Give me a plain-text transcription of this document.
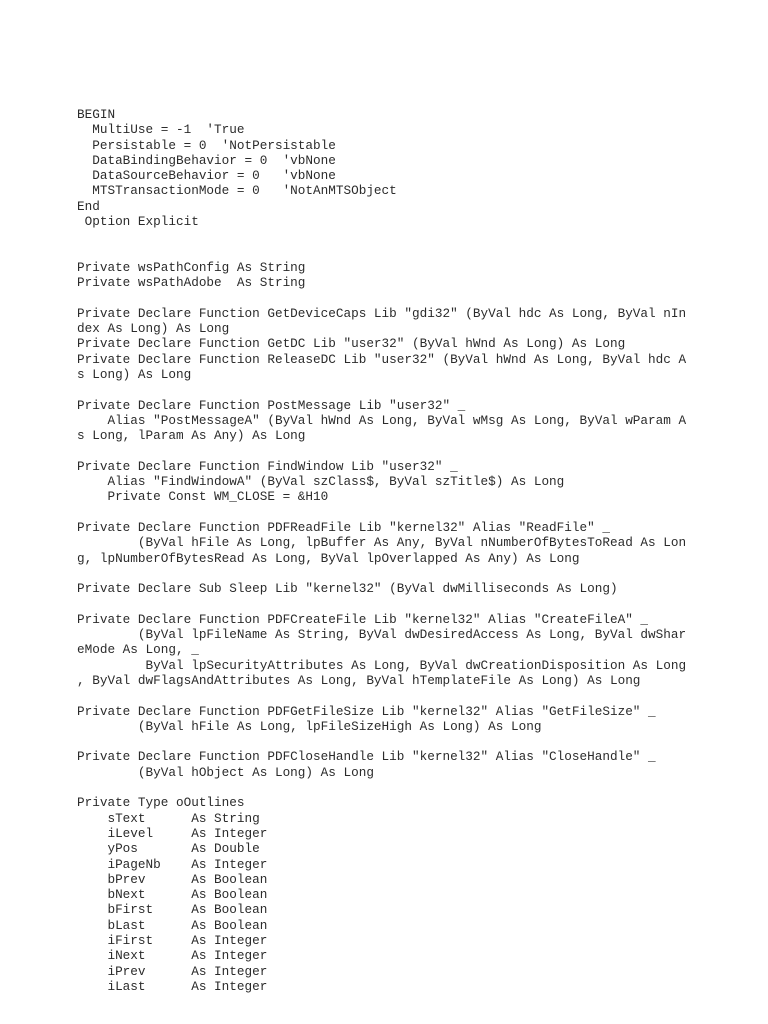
BEGIN
MultiUse = -1  'True
Persistable = 0  'NotPersistable
DataBindingBehavior = 0  'vbNone
DataSourceBehavior = 0   'vbNone
MTSTransactionMode = 0   'NotAnMTSObject
End
Option Explicit
Private wsPathConfig As String
Private wsPathAdobe  As String
Private Declare Function GetDeviceCaps Lib "gdi32" (ByVal hdc As Long, ByVal nIn
dex As Long) As Long
Private Declare Function GetDC Lib "user32" (ByVal hWnd As Long) As Long
Private Declare Function ReleaseDC Lib "user32" (ByVal hWnd As Long, ByVal hdc A
s Long) As Long
Private Declare Function PostMessage Lib "user32" _
Alias "PostMessageA" (ByVal hWnd As Long, ByVal wMsg As Long, ByVal wParam A
s Long, lParam As Any) As Long
Private Declare Function FindWindow Lib "user32" _
Alias "FindWindowA" (ByVal szClass$, ByVal szTitle$) As Long
Private Const WM_CLOSE = &H10
Private Declare Function PDFReadFile Lib "kernel32" Alias "ReadFile" _
(ByVal hFile As Long, lpBuffer As Any, ByVal nNumberOfBytesToRead As Lon
g, lpNumberOfBytesRead As Long, ByVal lpOverlapped As Any) As Long
Private Declare Sub Sleep Lib "kernel32" (ByVal dwMilliseconds As Long)
Private Declare Function PDFCreateFile Lib "kernel32" Alias "CreateFileA" _
(ByVal lpFileName As String, ByVal dwDesiredAccess As Long, ByVal dwShar
eMode As Long, _
ByVal lpSecurityAttributes As Long, ByVal dwCreationDisposition As Long
, ByVal dwFlagsAndAttributes As Long, ByVal hTemplateFile As Long) As Long
Private Declare Function PDFGetFileSize Lib "kernel32" Alias "GetFileSize" _
(ByVal hFile As Long, lpFileSizeHigh As Long) As Long
Private Declare Function PDFCloseHandle Lib "kernel32" Alias "CloseHandle" _
(ByVal hObject As Long) As Long
Private Type oOutlines
sText      As String
iLevel     As Integer
yPos       As Double
iPageNb    As Integer
bPrev      As Boolean
bNext      As Boolean
bFirst     As Boolean
bLast      As Boolean
iFirst     As Integer
iNext      As Integer
iPrev      As Integer
iLast      As Integer
